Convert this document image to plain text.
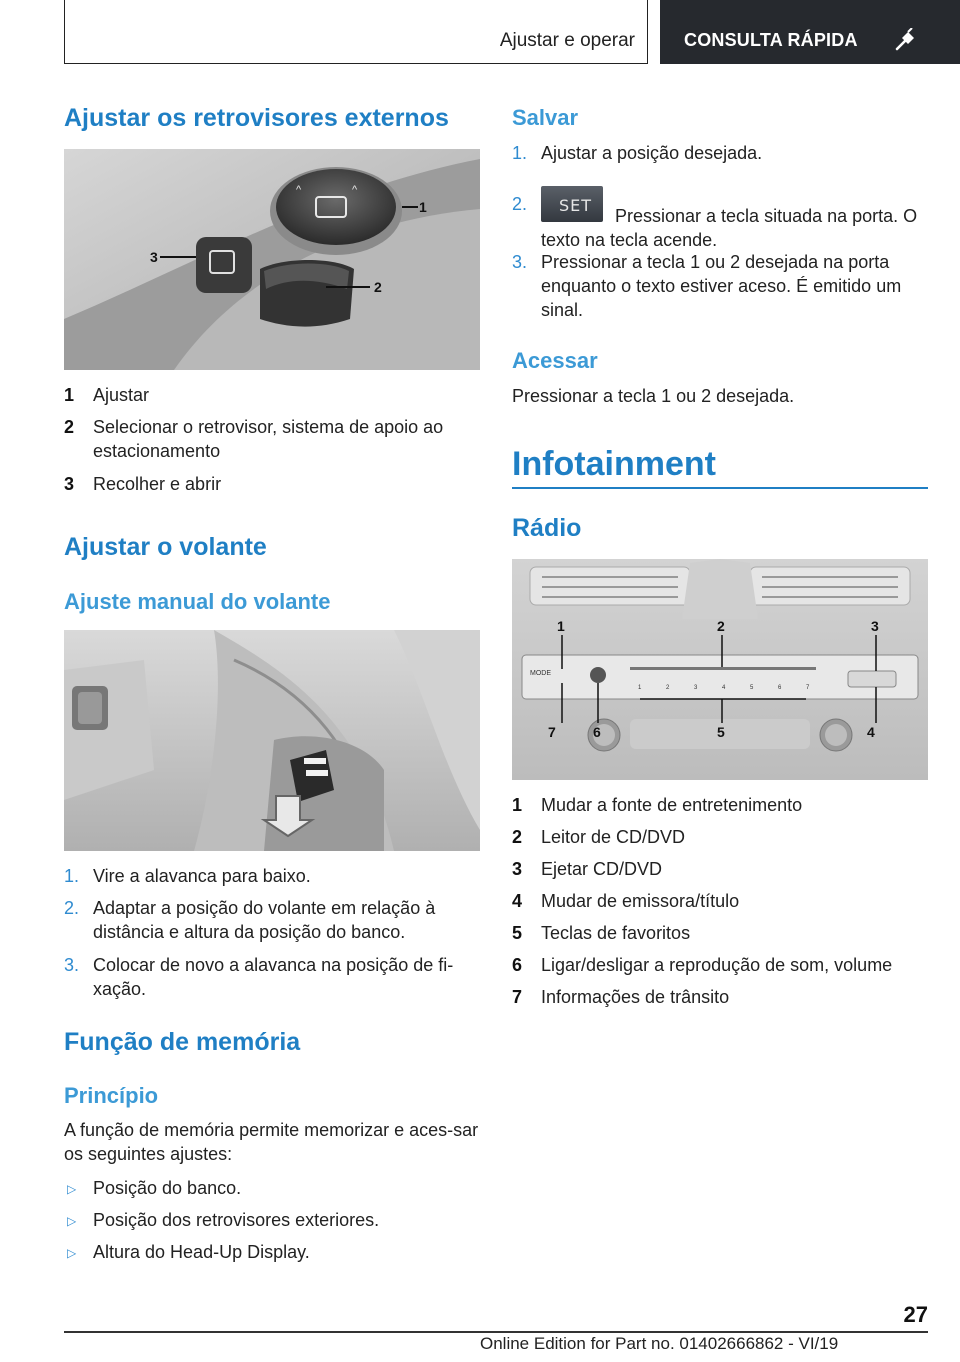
Ajustar e operar	CONSULTA RÁPIDA
Ajustar os retrovisores externos
^	^
1
2
3
1 Ajustar
2 Selecionar o retrovisor, sistema de apoio ao estacionamento
3 Recolher e abrir
Ajustar o volante
Ajuste manual do volante
1. Vire a alavanca para baixo.
2. Adaptar a posição do volante em relação à distância e altura da posição do banco.
3. Colocar de novo a alavanca na posição de fi-xação.
Função de memória
Princípio
A função de memória permite memorizar e aces-sar os seguintes ajustes:
▷ Posição do banco.
▷ Posição dos retrovisores exteriores.
▷ Altura do Head-Up Display.
Salvar
1. Ajustar a posição desejada.
2. SET
Pressionar a tecla situada na porta. O texto na tecla acende.
3. Pressionar a tecla 1 ou 2 desejada na porta enquanto o texto estiver aceso. É emitido um sinal.
Acessar
Pressionar a tecla 1 ou 2 desejada.
Infotainment
Rádio
MODE
1	2	3	4	5	6	7
1	2	3
4
5
6
7
1 Mudar a fonte de entretenimento
2 Leitor de CD/DVD
3 Ejetar CD/DVD
4 Mudar de emissora/título
5 Teclas de favoritos
6 Ligar/desligar a reprodução de som, volume
7 Informações de trânsito
27
Online Edition for Part no. 01402666862 - VI/19
